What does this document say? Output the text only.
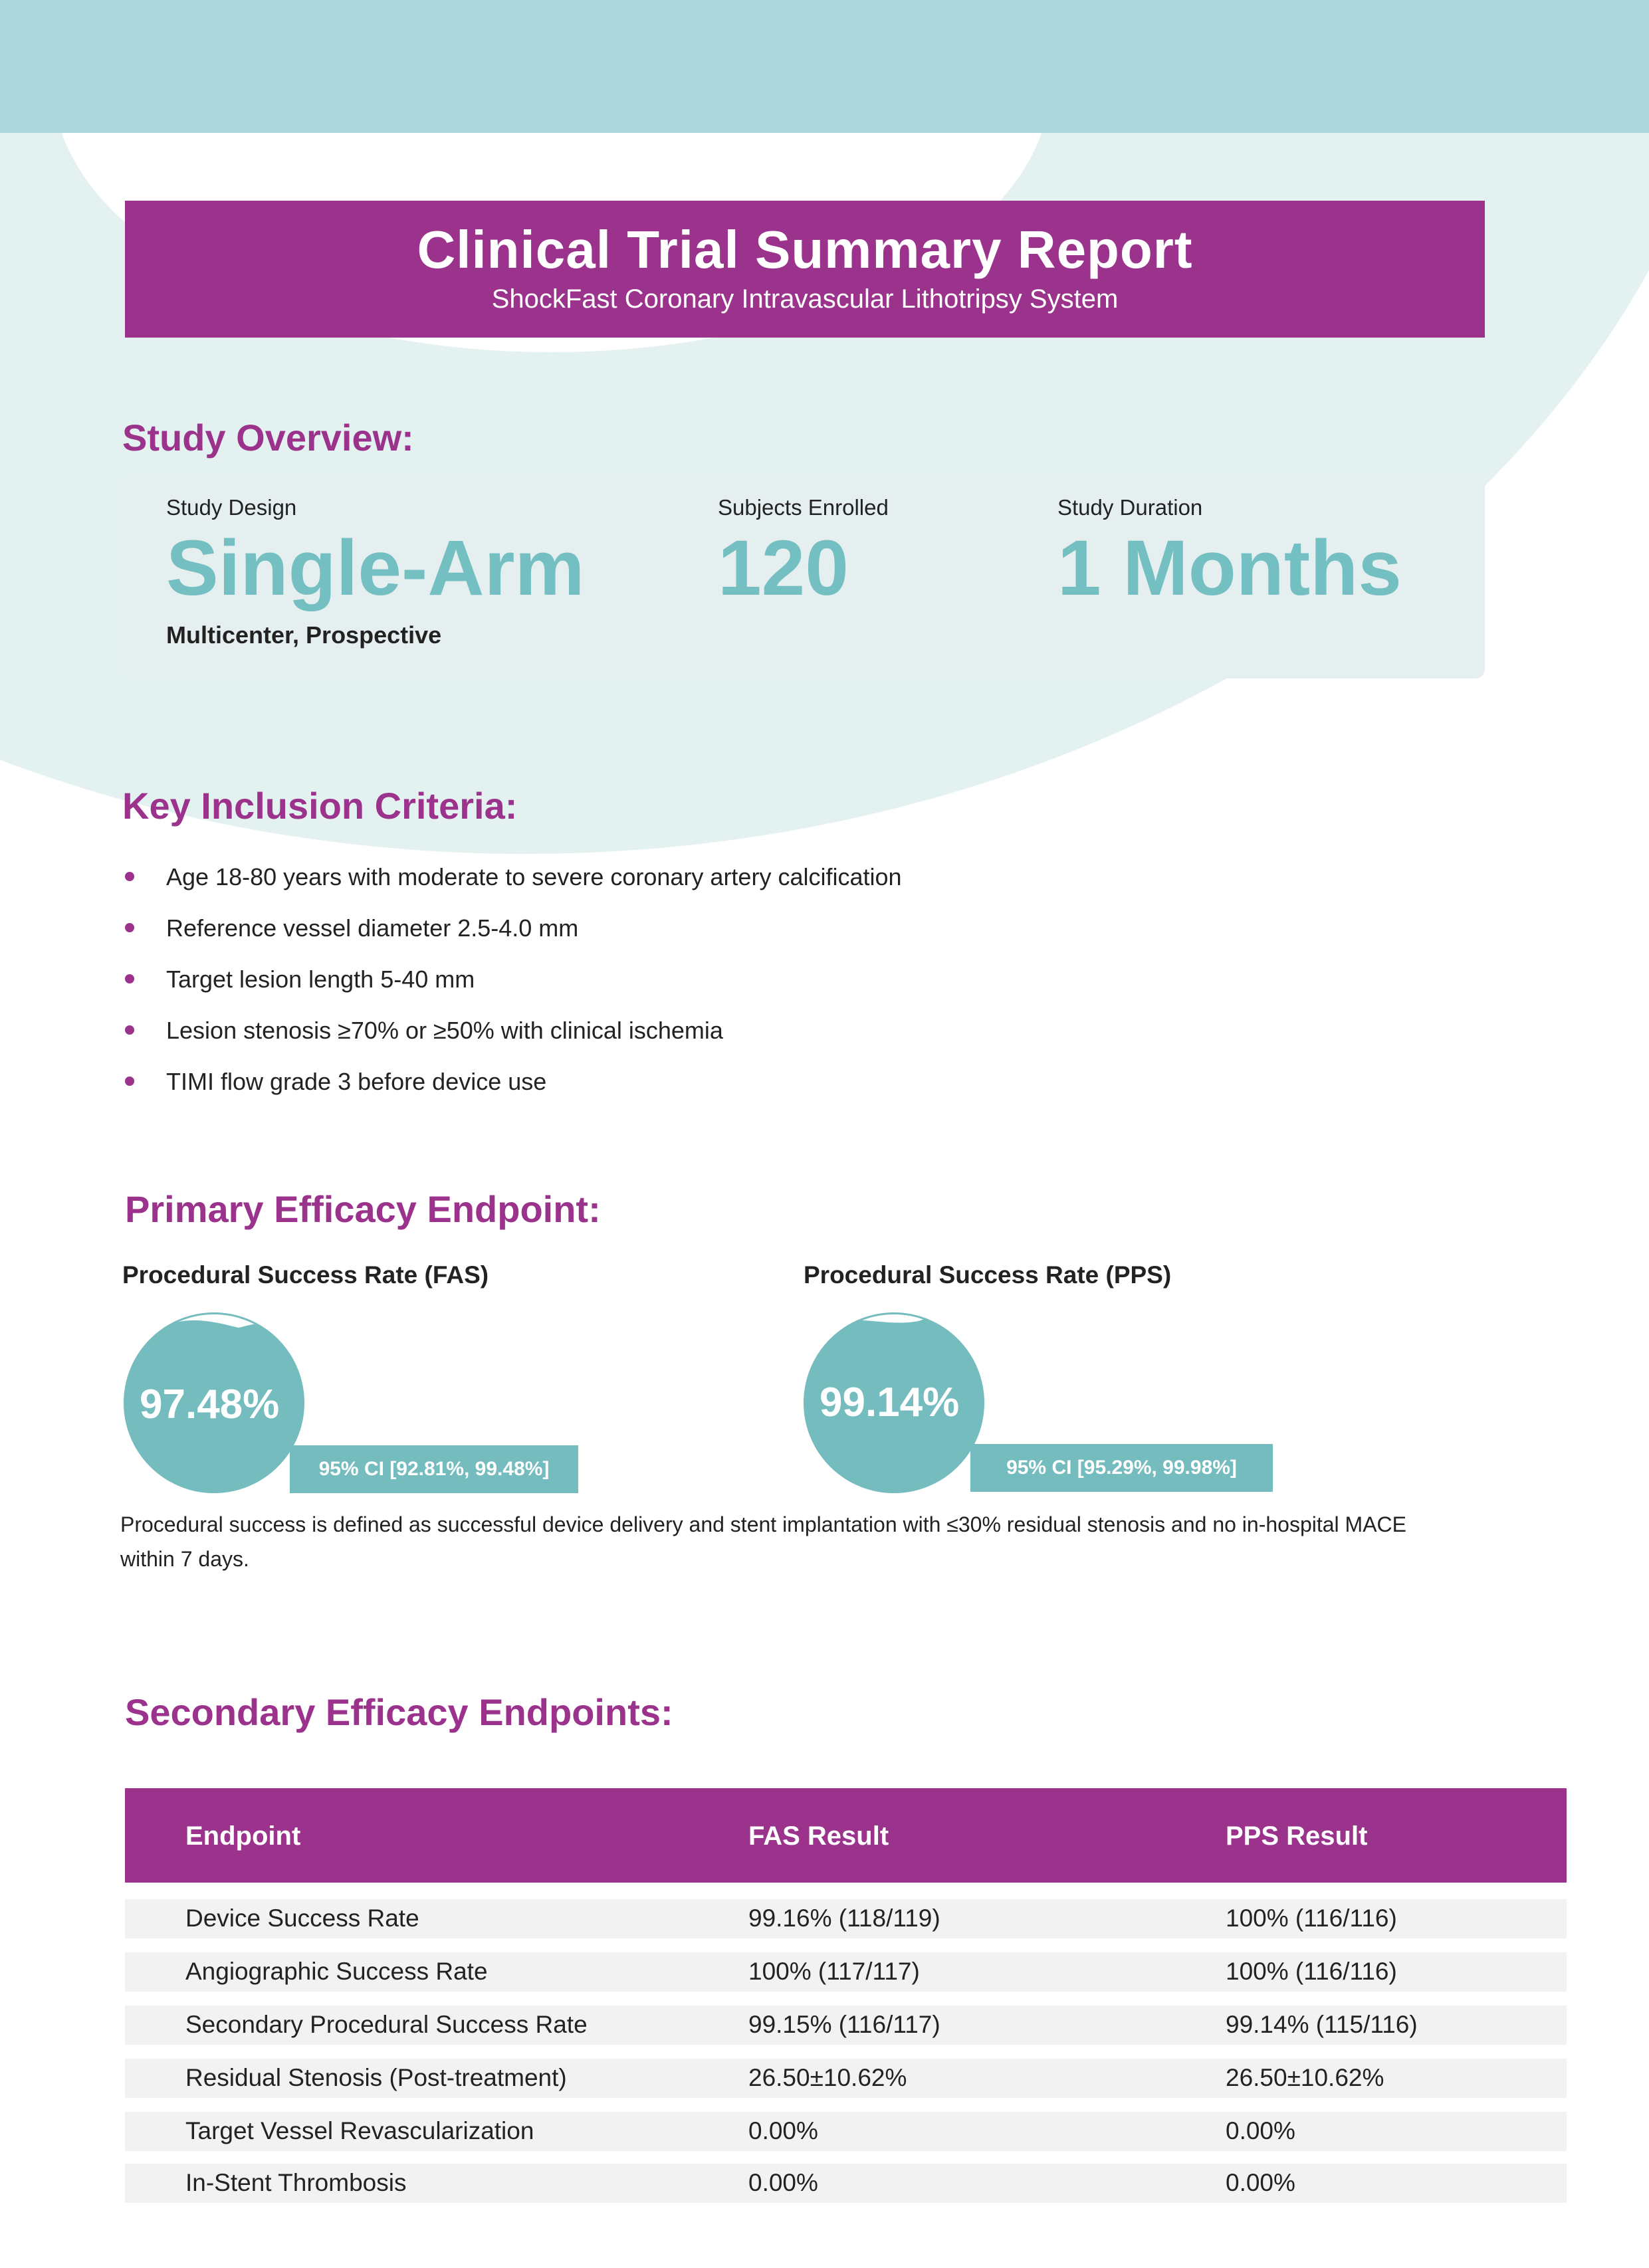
Clinical Trial Summary Report
ShockFast Coronary Intravascular Lithotripsy System
Study Overview:
Study Design
Single-Arm
Multicenter, Prospective
Subjects Enrolled
120
Study Duration
1 Months
Key Inclusion Criteria:
Age 18-80 years with moderate to severe coronary artery calcification
Reference vessel diameter 2.5-4.0 mm
Target lesion length 5-40 mm
Lesion stenosis ≥70% or ≥50% with clinical ischemia
TIMI flow grade 3 before device use
Primary Efficacy Endpoint:
Procedural Success Rate (FAS)
97.48%
95% CI [92.81%, 99.48%]
Procedural Success Rate (PPS)
99.14%
95% CI [95.29%, 99.98%]
Procedural success is defined as successful device delivery and stent implantation with ≤30% residual stenosis and no in-hospital MACE within 7 days.
Secondary Efficacy Endpoints:
Endpoint	FAS Result	PPS Result
Device Success Rate	99.16% (118/119)	100% (116/116)
Angiographic Success Rate	100% (117/117)	100% (116/116)
Secondary Procedural Success Rate	99.15% (116/117)	99.14% (115/116)
Residual Stenosis (Post-treatment)	26.50±10.62%	26.50±10.62%
Target Vessel Revascularization	0.00%	0.00%
In-Stent Thrombosis	0.00%	0.00%
